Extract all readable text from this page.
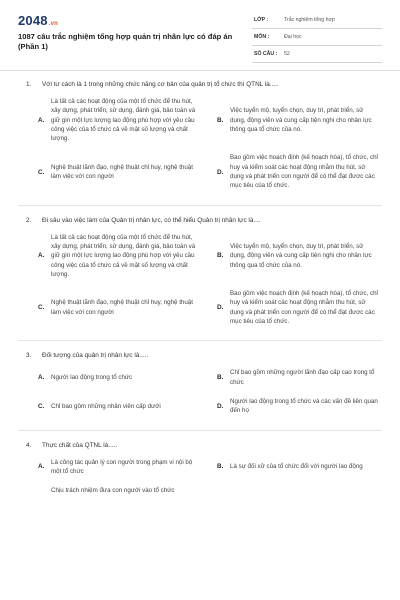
2048.vn
1087 câu trắc nghiệm tổng hợp quản trị nhân lực có đáp án (Phần 1)
LỚP :	Trắc nghiệm tổng hợp
MÔN :	Đại học
SỐ CÂU : 52
1. Với tư cách là 1 trong những chức năng cơ bản của quản trị tổ chức thì QTNL là.....
A.
Là tất cả các hoạt động của một tổ chức để thu hút, xây dựng, phát triển, sử dụng, đánh giá, bảo toàn và giữ gìn một lực lượng lao động phù hợp với yêu cầu công việc của tổ chức cả về mặt số lượng và chất lượng.
B.
Việc tuyển mộ, tuyển chọn, duy trì, phát triển, sử dụng, động viên và cung cấp tiện nghi cho nhân lực thông qua tổ chức của nó.
C.
Nghệ thuật lãnh đạo, nghệ thuật chỉ huy, nghệ thuật làm việc với con người
D.
Bao gồm việc hoạch định (kế hoạch hóa), tổ chức, chỉ huy và kiểm soát các hoạt động nhằm thu hút, sử dụng và phát triển con người để có thể đạt được các mục tiêu của tổ chức.
2. Đi sâu vào việc làm của Quản trị nhân lực, có thể hiểu Quản trị nhân lực là....
A.
Là tất cả các hoạt động của một tổ chức để thu hút, xây dựng, phát triển, sử dụng, đánh giá, bảo toàn và giữ gìn một lực lượng lao động phù hợp với yêu cầu công việc của tổ chức cả về mặt số lượng và chất lượng.
B.
Việc tuyển mộ, tuyển chọn, duy trì, phát triển, sử dụng, động viên và cung cấp tiện nghi cho nhân lực thông qua tổ chức của nó.
C.
Nghệ thuật lãnh đạo, nghệ thuật chỉ huy, nghệ thuật làm việc với con người
D.
Bao gồm việc hoạch định (kế hoạch hóa), tổ chức, chỉ huy và kiểm soát các hoạt động nhằm thu hút, sử dụng và phát triển con người để có thể đạt được các mục tiêu của tổ chức.
3. Đối tượng của quản trị nhân lực là.....
A.	Người lao động trong tổ chức	B.
Chỉ bao gồm những người lãnh đạo cấp cao trong tổ chức
C.	Chỉ bao gồm những nhân viên cấp dưới	D.
Người lao động trong tổ chức và các vấn đề liên quan đến họ
4. Thực chất của QTNL là.....
A.
Là công tác quản lý con người trong phạm vi nội bộ một tổ chức
B.	Là sự đối xử của tổ chức đối với người lao động
Chịu trách nhiệm đưa con người vào tổ chức
